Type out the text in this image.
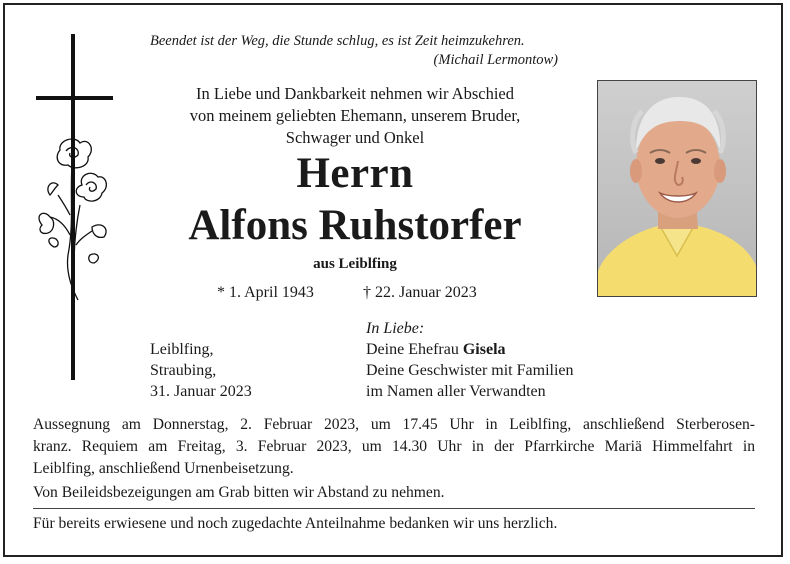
Beendet ist der Weg, die Stunde schlug, es ist Zeit heimzukehren.
(Michail Lermontow)
In Liebe und Dankbarkeit nehmen wir Abschied
von meinem geliebten Ehemann, unserem Bruder,
Schwager und Onkel
Herrn
Alfons Ruhstorfer
aus Leiblfing
* 1. April 1943	† 22. Januar 2023
Leiblfing,
Straubing,
31. Januar 2023
In Liebe:
Deine Ehefrau Gisela
Deine Geschwister mit Familien
im Namen aller Verwandten

Aussegnung am Donnerstag, 2. Februar 2023, um 17.45 Uhr in Leiblfing, anschließend Sterberosen-

kranz. Requiem am Freitag, 3. Februar 2023, um 14.30 Uhr in der Pfarrkirche Mariä Himmelfahrt in

Leiblfing, anschließend Urnenbeisetzung.

Von Beileidsbezeigungen am Grab bitten wir Abstand zu nehmen.
Für bereits erwiesene und noch zugedachte Anteilnahme bedanken wir uns herzlich.
